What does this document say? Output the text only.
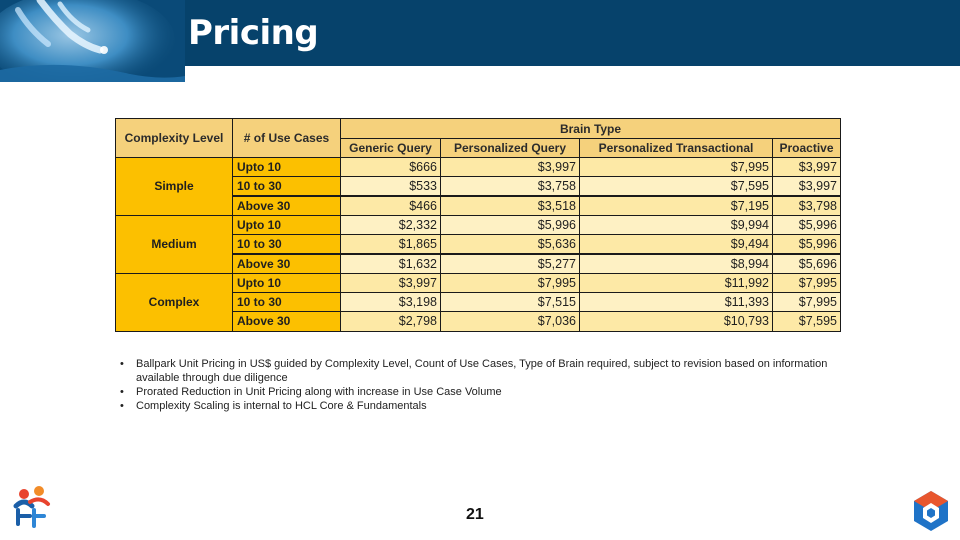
Pricing
Complexity Level	# of Use Cases
Brain Type
Generic Query	Personalized Query	Personalized Transactional	Proactive
Simple
Upto 10	$666	$3,997	$7,995	$3,997
10 to 30	$533	$3,758	$7,595	$3,997
Above 30	$466	$3,518	$7,195	$3,798
Medium
Upto 10	$2,332	$5,996	$9,994	$5,996
10 to 30	$1,865	$5,636	$9,494	$5,996
Above 30	$1,632	$5,277	$8,994	$5,696
Complex
Upto 10	$3,997	$7,995	$11,992	$7,995
10 to 30	$3,198	$7,515	$11,393	$7,995
Above 30	$2,798	$7,036	$10,793	$7,595
• Ballpark Unit Pricing in US$ guided by Complexity Level, Count of Use Cases, Type of Brain required, subject to revision based on information available through due diligence
• Prorated Reduction in Unit Pricing along with increase in Use Case Volume
• Complexity Scaling is internal to HCL Core & Fundamentals
21
